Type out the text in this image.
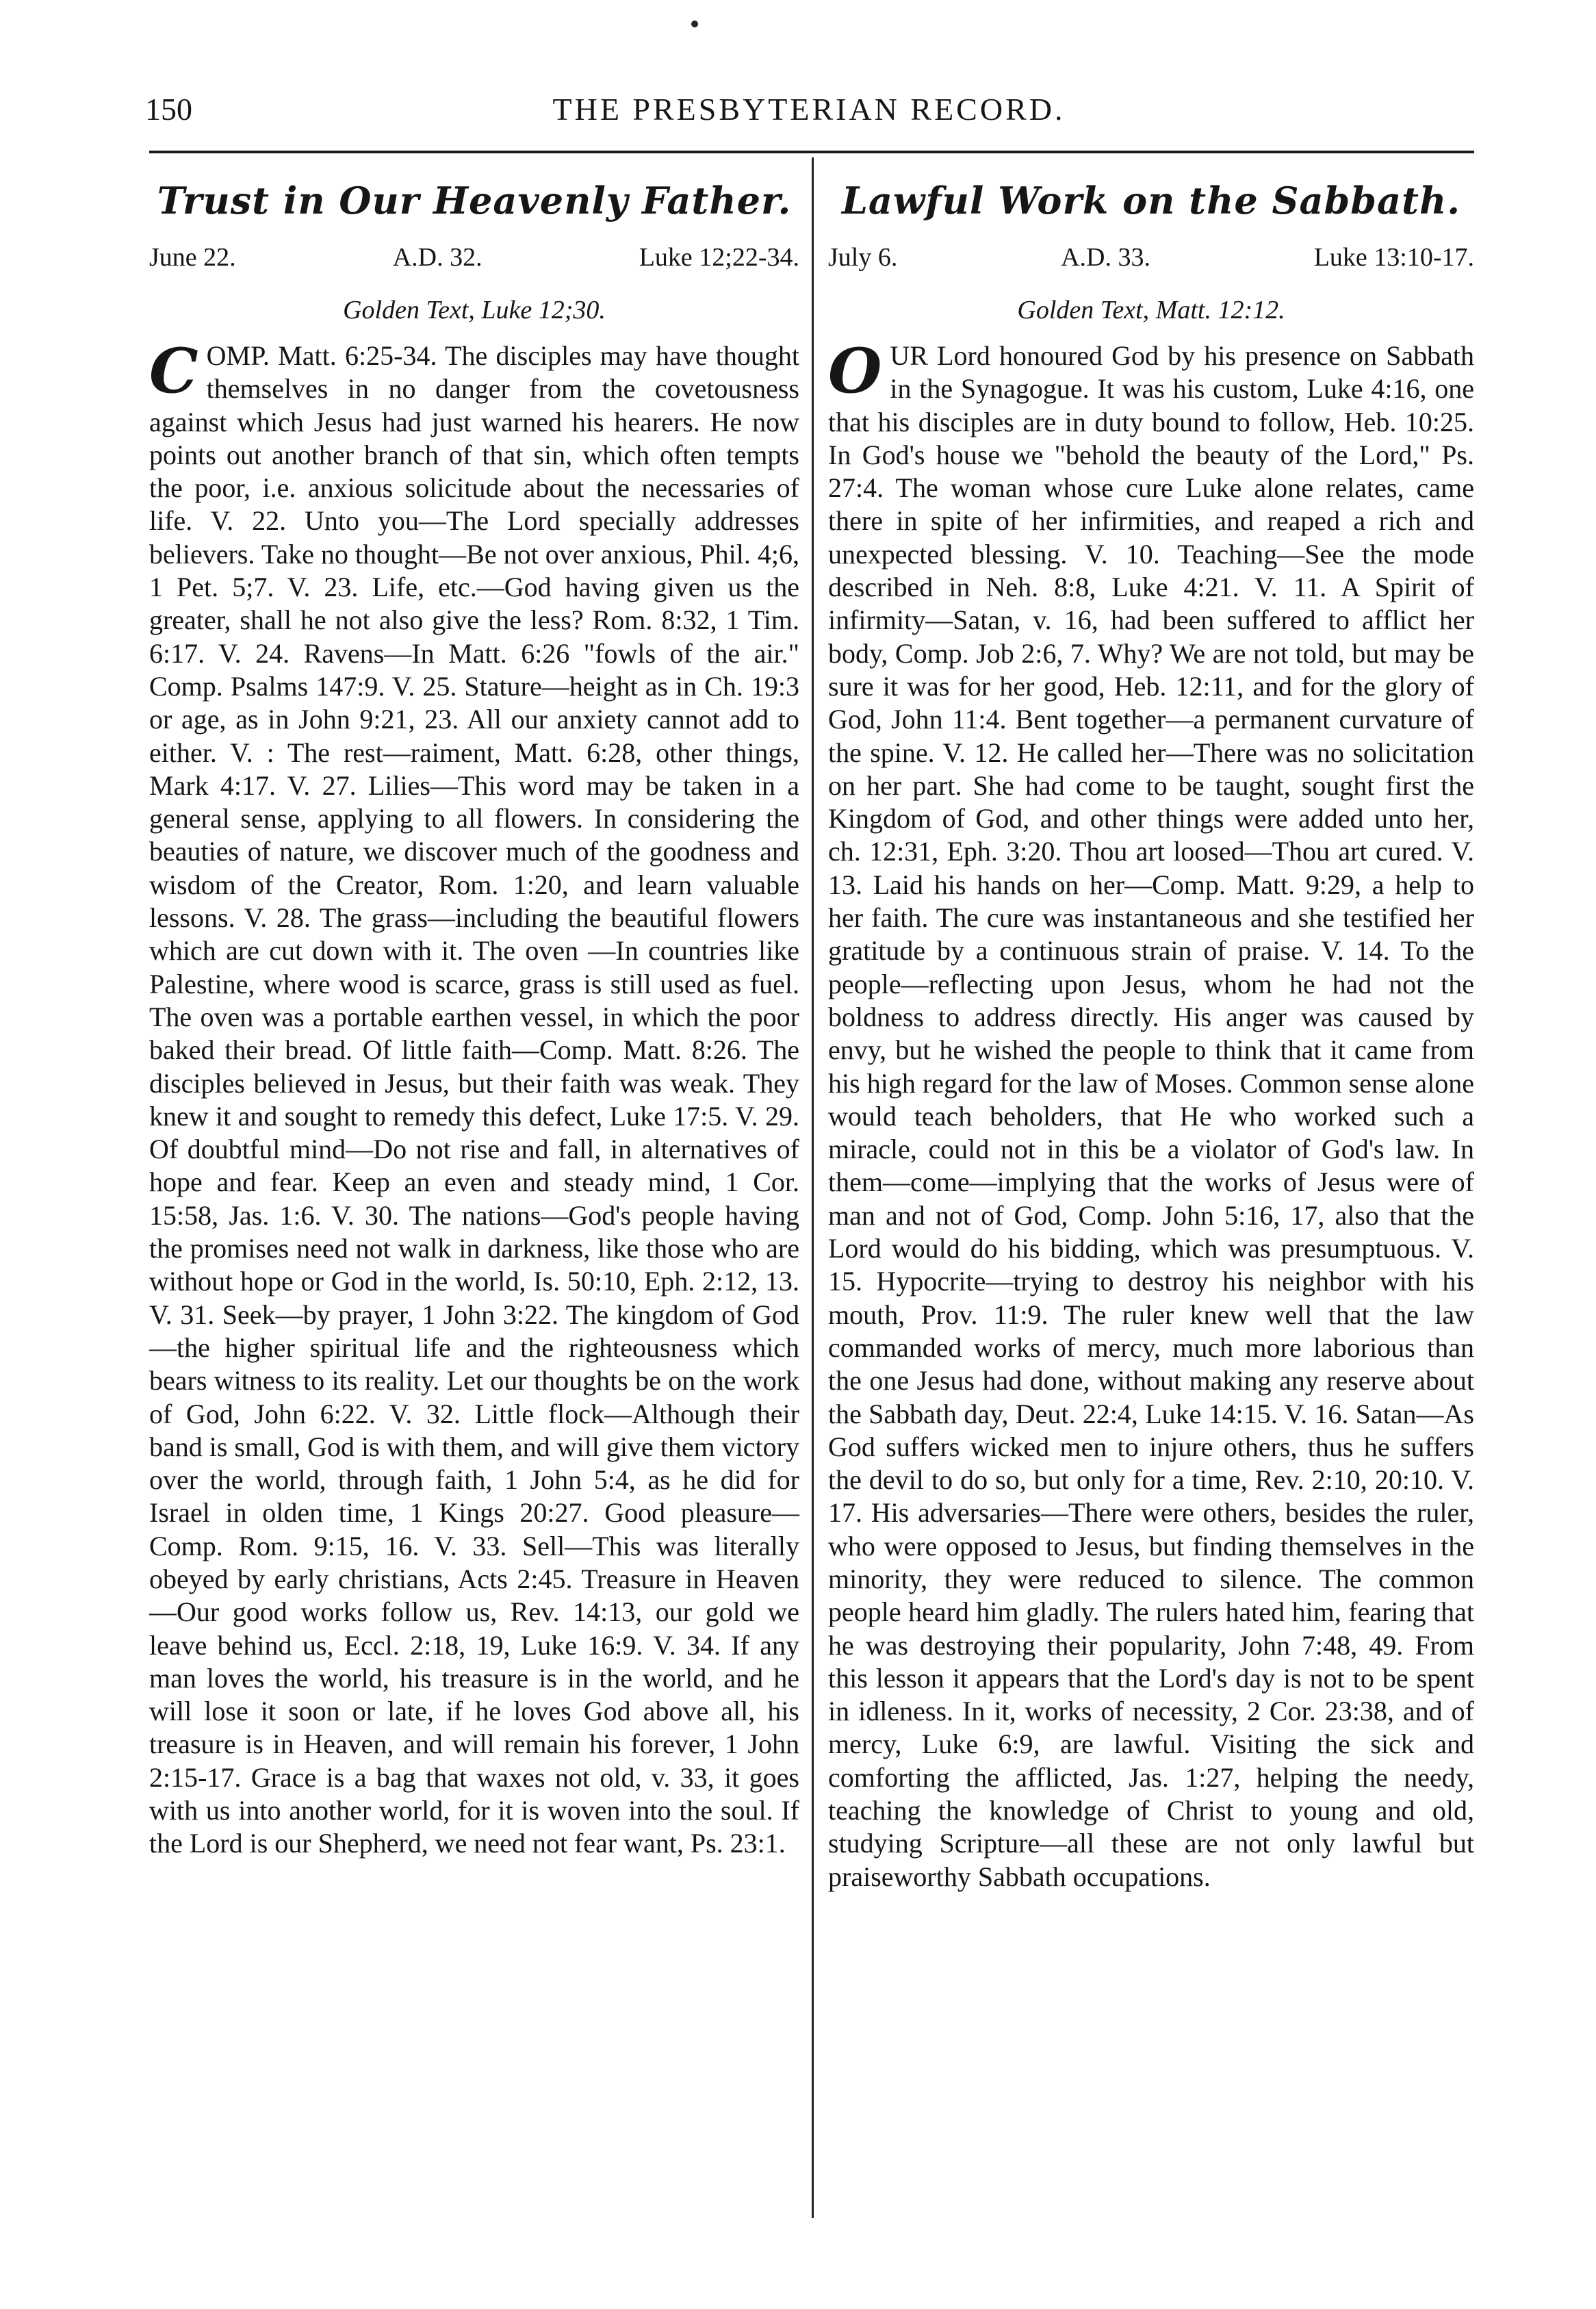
150	THE PRESBYTERIAN RECORD.
Trust in Our Heavenly Father.
June 22.	A.D. 32.	Luke 12;22-34.
Golden Text, Luke 12;30.

COMP. Matt. 6:25-34. The disciples may have thought themselves in no danger from the covetousness against which Jesus had just warned his hearers. He now points out another branch of that sin, which often tempts the poor, i.e. anxious solicitude about the necessaries of life. V. 22. Unto you—The Lord specially addresses believers. Take no thought—Be not over anxious, Phil. 4;6, 1 Pet. 5;7. V. 23. Life, etc.—God having given us the greater, shall he not also give the less? Rom. 8:32, 1 Tim. 6:17. V. 24. Ravens—In Matt. 6:26 "fowls of the air." Comp. Psalms 147:9. V. 25. Stature—height as in Ch. 19:3 or age, as in John 9:21, 23. All our anxiety cannot add to either. V. : The rest—raiment, Matt. 6:28, other things, Mark 4:17. V. 27. Lilies—This word may be taken in a general sense, applying to all flowers. In considering the beauties of nature, we discover much of the goodness and wisdom of the Creator, Rom. 1:20, and learn valuable lessons. V. 28. The grass—including the beautiful flowers which are cut down with it. The oven —In countries like Palestine, where wood is scarce, grass is still used as fuel. The oven was a portable earthen vessel, in which the poor baked their bread. Of little faith—Comp. Matt. 8:26. The disciples believed in Jesus, but their faith was weak. They knew it and sought to remedy this defect, Luke 17:5. V. 29. Of doubtful mind—Do not rise and fall, in alternatives of hope and fear. Keep an even and steady mind, 1 Cor. 15:58, Jas. 1:6. V. 30. The nations—God's people having the promises need not walk in darkness, like those who are without hope or God in the world, Is. 50:10, Eph. 2:12, 13. V. 31. Seek—by prayer, 1 John 3:22. The kingdom of God—the higher spiritual life and the righteousness which bears witness to its reality. Let our thoughts be on the work of God, John 6:22. V. 32. Little flock—Although their band is small, God is with them, and will give them victory over the world, through faith, 1 John 5:4, as he did for Israel in olden time, 1 Kings 20:27. Good pleasure—Comp. Rom. 9:15, 16. V. 33. Sell—This was literally obeyed by early christians, Acts 2:45. Treasure in Heaven—Our good works follow us, Rev. 14:13, our gold we leave behind us, Eccl. 2:18, 19, Luke 16:9. V. 34. If any man loves the world, his treasure is in the world, and he will lose it soon or late, if he loves God above all, his treasure is in Heaven, and will remain his forever, 1 John 2:15-17. Grace is a bag that waxes not old, v. 33, it goes with us into another world, for it is woven into the soul. If the Lord is our Shepherd, we need not fear want, Ps. 23:1.

Lawful Work on the Sabbath.
July 6.	A.D. 33.	Luke 13:10-17.
Golden Text, Matt. 12:12.

OUR Lord honoured God by his presence on Sabbath in the Synagogue. It was his custom, Luke 4:16, one that his disciples are in duty bound to follow, Heb. 10:25. In God's house we "behold the beauty of the Lord," Ps. 27:4. The woman whose cure Luke alone relates, came there in spite of her infirmities, and reaped a rich and unexpected blessing. V. 10. Teaching—See the mode described in Neh. 8:8, Luke 4:21. V. 11. A Spirit of infirmity—Satan, v. 16, had been suffered to afflict her body, Comp. Job 2:6, 7. Why? We are not told, but may be sure it was for her good, Heb. 12:11, and for the glory of God, John 11:4. Bent together—a permanent curvature of the spine. V. 12. He called her—There was no solicitation on her part. She had come to be taught, sought first the Kingdom of God, and other things were added unto her, ch. 12:31, Eph. 3:20. Thou art loosed—Thou art cured. V. 13. Laid his hands on her—Comp. Matt. 9:29, a help to her faith. The cure was instantaneous and she testified her gratitude by a continuous strain of praise. V. 14. To the people—reflecting upon Jesus, whom he had not the boldness to address directly. His anger was caused by envy, but he wished the people to think that it came from his high regard for the law of Moses. Common sense alone would teach beholders, that He who worked such a miracle, could not in this be a violator of God's law. In them—come—implying that the works of Jesus were of man and not of God, Comp. John 5:16, 17, also that the Lord would do his bidding, which was presumptuous. V. 15. Hypocrite—trying to destroy his neighbor with his mouth, Prov. 11:9. The ruler knew well that the law commanded works of mercy, much more laborious than the one Jesus had done, without making any reserve about the Sabbath day, Deut. 22:4, Luke 14:15. V. 16. Satan—As God suffers wicked men to injure others, thus he suffers the devil to do so, but only for a time, Rev. 2:10, 20:10. V. 17. His adversaries—There were others, besides the ruler, who were opposed to Jesus, but finding themselves in the minority, they were reduced to silence. The common people heard him gladly. The rulers hated him, fearing that he was destroying their popularity, John 7:48, 49. From this lesson it appears that the Lord's day is not to be spent in idleness. In it, works of necessity, 2 Cor. 23:38, and of mercy, Luke 6:9, are lawful. Visiting the sick and comforting the afflicted, Jas. 1:27, helping the needy, teaching the knowledge of Christ to young and old, studying Scripture—all these are not only lawful but praiseworthy Sabbath occupations.
